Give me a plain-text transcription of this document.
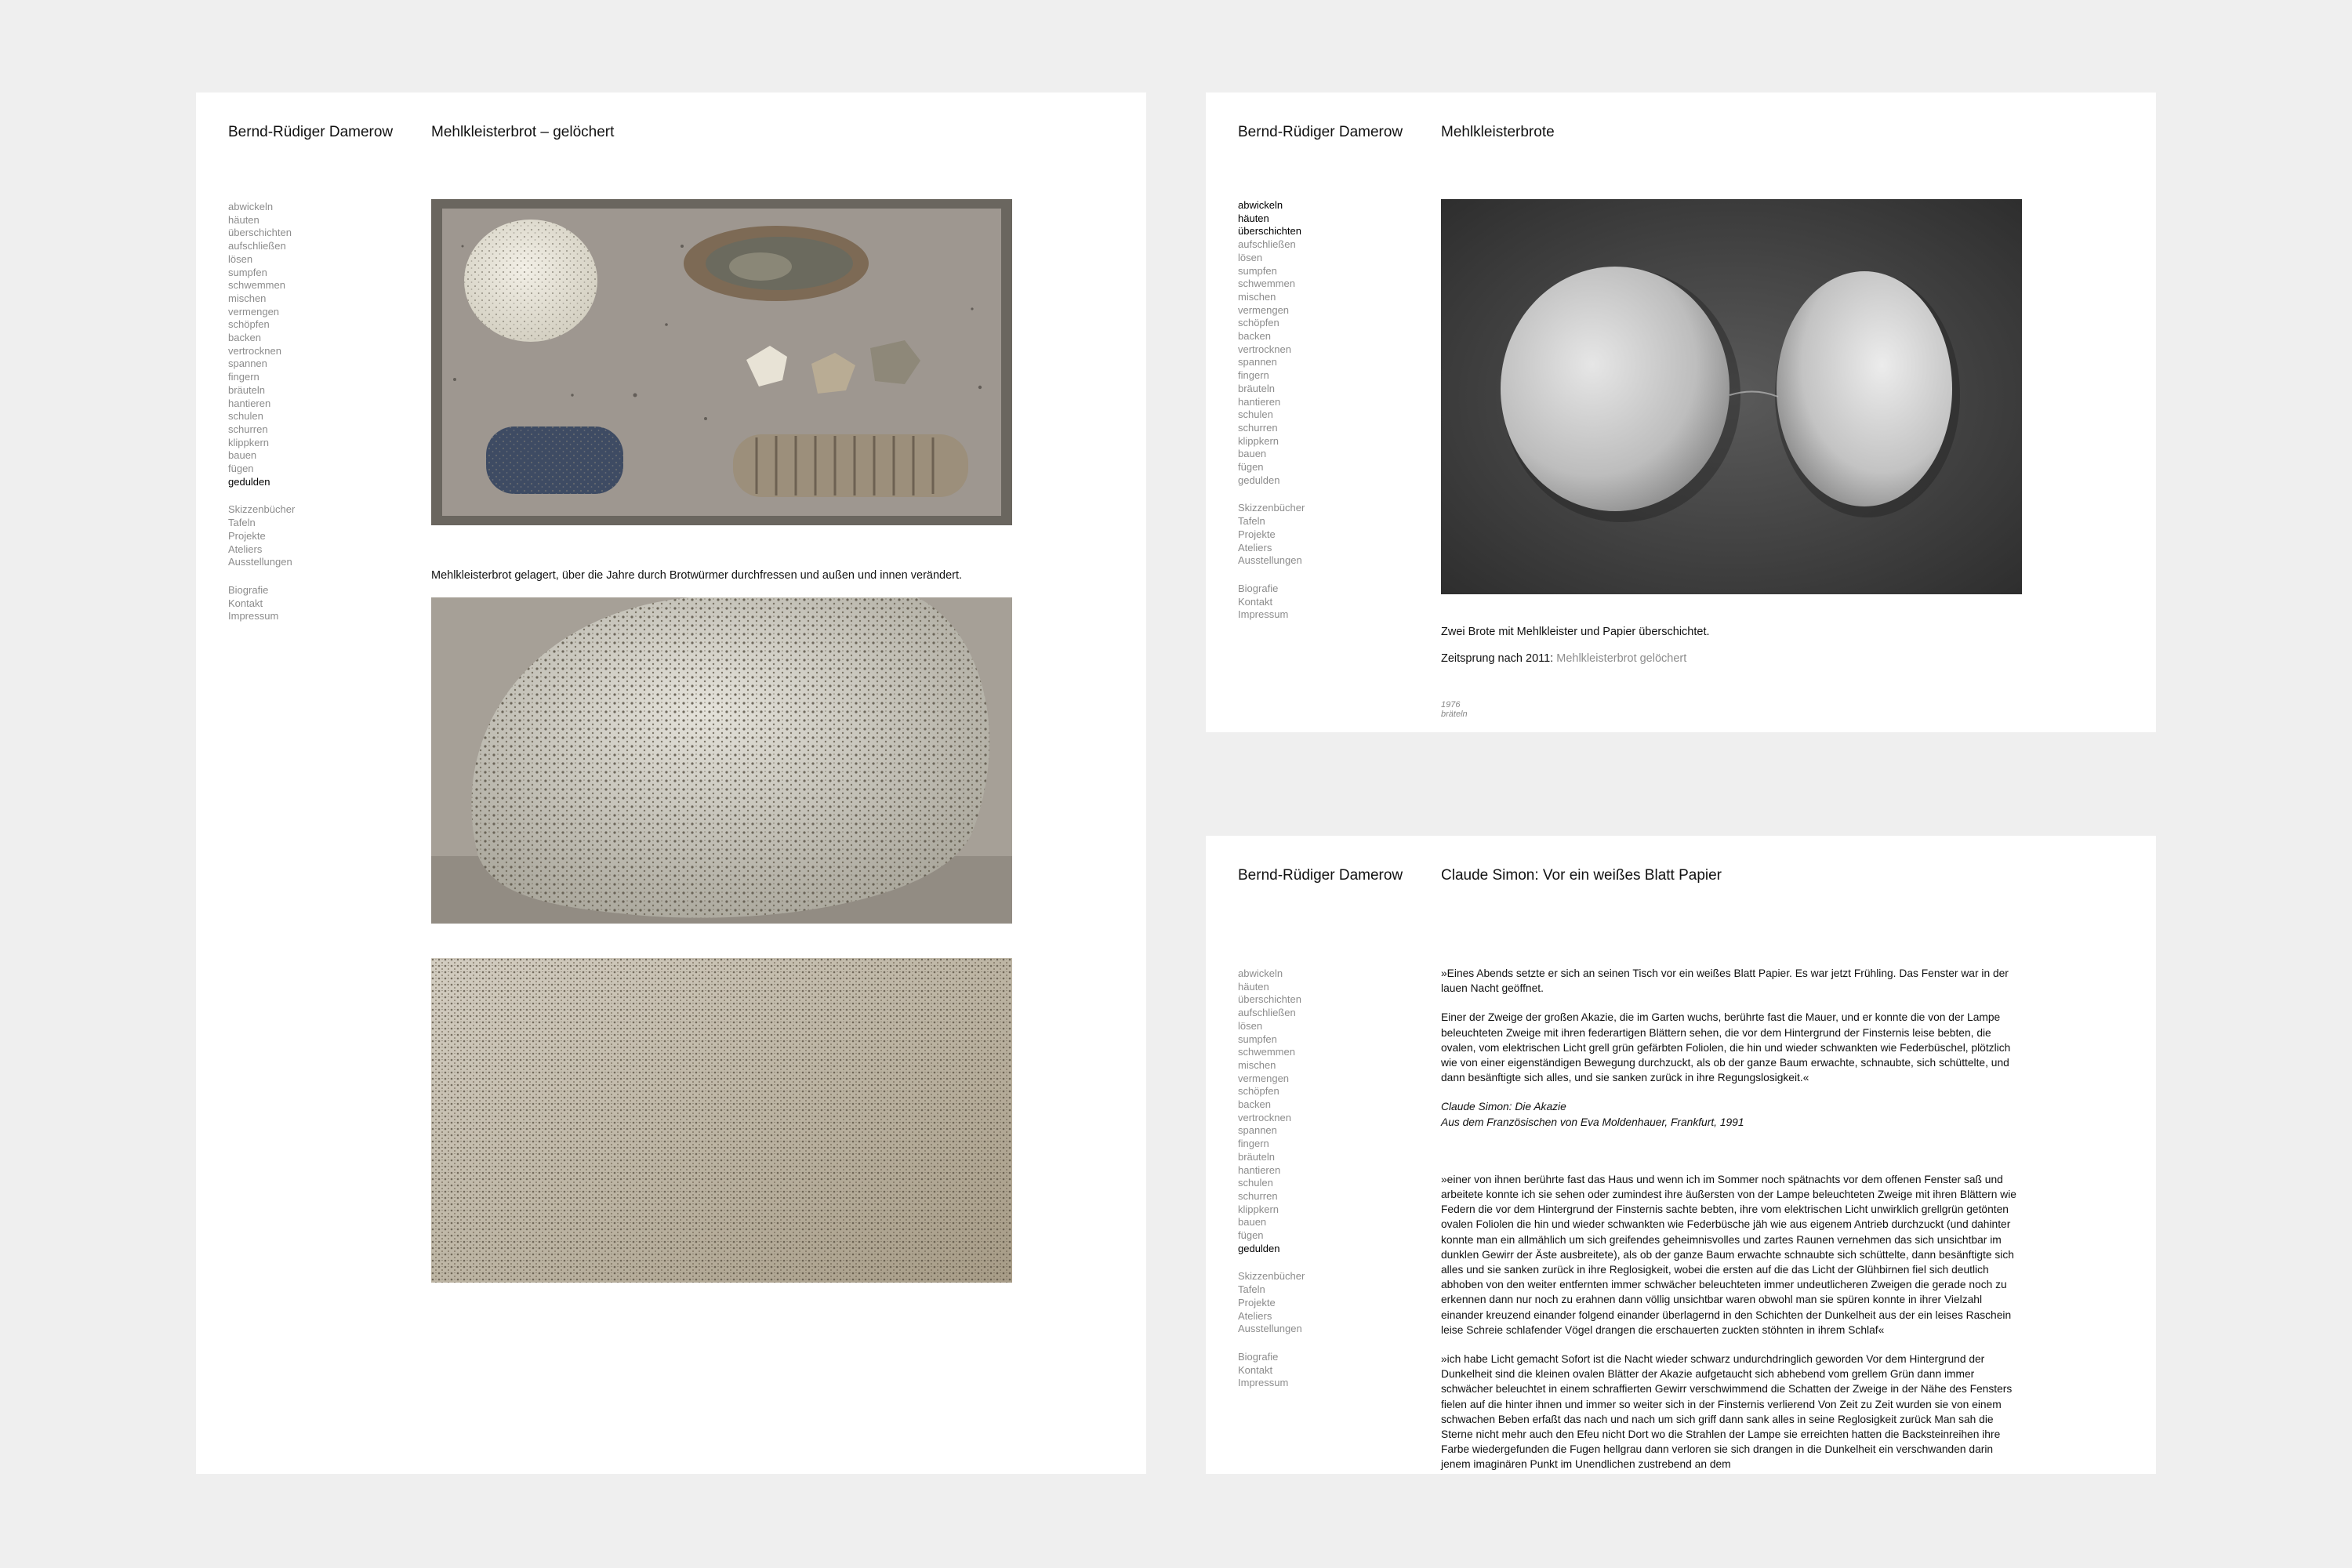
Bernd-Rüdiger Damerow	Mehlkleisterbrot – gelöchert
abwickeln
häuten
überschichten
aufschließen
lösen
sumpfen
schwemmen
mischen
vermengen
schöpfen
backen
vertrocknen
spannen
fingern
bräuteln
hantieren
schulen
schurren
klippkern
bauen
fügen
gedulden
Skizzenbücher
Tafeln
Projekte
Ateliers
Ausstellungen
Biografie
Kontakt
Impressum
Mehlkleisterbrot gelagert, über die Jahre durch Brotwürmer durchfressen und außen und innen verändert.
Bernd-Rüdiger Damerow	Mehlkleisterbrote
abwickeln
häuten
überschichten
aufschließen
lösen
sumpfen
schwemmen
mischen
vermengen
schöpfen
backen
vertrocknen
spannen
fingern
bräuteln
hantieren
schulen
schurren
klippkern
bauen
fügen
gedulden
Skizzenbücher
Tafeln
Projekte
Ateliers
Ausstellungen
Biografie
Kontakt
Impressum
Zwei Brote mit Mehlkleister und Papier überschichtet.
Zeitsprung nach 2011: Mehlkleisterbrot gelöchert
1976
bräteln
Bernd-Rüdiger Damerow	Claude Simon: Vor ein weißes Blatt Papier
abwickeln
häuten
überschichten
aufschließen
lösen
sumpfen
schwemmen
mischen
vermengen
schöpfen
backen
vertrocknen
spannen
fingern
bräuteln
hantieren
schulen
schurren
klippkern
bauen
fügen
gedulden
Skizzenbücher
Tafeln
Projekte
Ateliers
Ausstellungen
Biografie
Kontakt
Impressum

»Eines Abends setzte er sich an seinen Tisch vor ein weißes Blatt Papier. Es war jetzt Frühling. Das Fenster war in der lauen Nacht geöffnet.

Einer der Zweige der großen Akazie, die im Garten wuchs, berührte fast die Mauer, und er konnte die von der Lampe beleuchteten Zweige mit ihren federartigen Blättern sehen, die vor dem Hintergrund der Finsternis leise bebten, die ovalen, vom elektrischen Licht grell grün gefärbten Foliolen, die hin und wieder schwankten wie Federbüschel, plötzlich wie von einer eigenständigen Bewegung durchzuckt, als ob der ganze Baum erwachte, schnaubte, sich schüttelte, und dann besänftigte sich alles, und sie sanken zurück in ihre Regungslosigkeit.«

Claude Simon: Die Akazie
Aus dem Französischen von Eva Moldenhauer, Frankfurt, 1991

»einer von ihnen berührte fast das Haus und wenn ich im Sommer noch spätnachts vor dem offenen Fenster saß und arbeitete konnte ich sie sehen oder zumindest ihre äußersten von der Lampe beleuchteten Zweige mit ihren Blättern wie Federn die vor dem Hintergrund der Finsternis sachte bebten, ihre vom elektrischen Licht unwirklich grellgrün getönten ovalen Foliolen die hin und wieder schwankten wie Federbüsche jäh wie aus eigenem Antrieb durchzuckt (und dahinter konnte man ein allmählich um sich greifendes geheimnisvolles und zartes Raunen vernehmen das sich unsichtbar im dunklen Gewirr der Äste ausbreitete), als ob der ganze Baum erwachte schnaubte sich schüttelte, dann besänftigte sich alles und sie sanken zurück in ihre Reglosigkeit, wobei die ersten auf die das Licht der Glühbirnen fiel sich deutlich abhoben von den weiter entfernten immer schwächer beleuchteten immer undeutlicheren Zweigen die gerade noch zu erkennen dann nur noch zu erahnen dann völlig unsichtbar waren obwohl man sie spüren konnte in ihrer Vielzahl einander kreuzend einander folgend einander überlagernd in den Schichten der Dunkelheit aus der ein leises Raschein leise Schreie schlafender Vögel drangen die erschauerten zuckten stöhnten in ihrem Schlaf«

»ich habe Licht gemacht Sofort ist die Nacht wieder schwarz undurchdringlich geworden Vor dem Hintergrund der Dunkelheit sind die kleinen ovalen Blätter der Akazie aufgetaucht sich abhebend vom grellem Grün dann immer schwächer beleuchtet in einem schraffierten Gewirr verschwimmend die Schatten der Zweige in der Nähe des Fensters fielen auf die hinter ihnen und immer so weiter sich in der Finsternis verlierend Von Zeit zu Zeit wurden sie von einem schwachen Beben erfaßt das nach und nach um sich griff dann sank alles in seine Reglosigkeit zurück Man sah die Sterne nicht mehr auch den Efeu nicht Dort wo die Strahlen der Lampe sie erreichten hatten die Backsteinreihen ihre Farbe wiedergefunden die Fugen hellgrau dann verloren sie sich drangen in die Dunkelheit ein verschwanden darin jenem imaginären Punkt im Unendlichen zustrebend an dem
